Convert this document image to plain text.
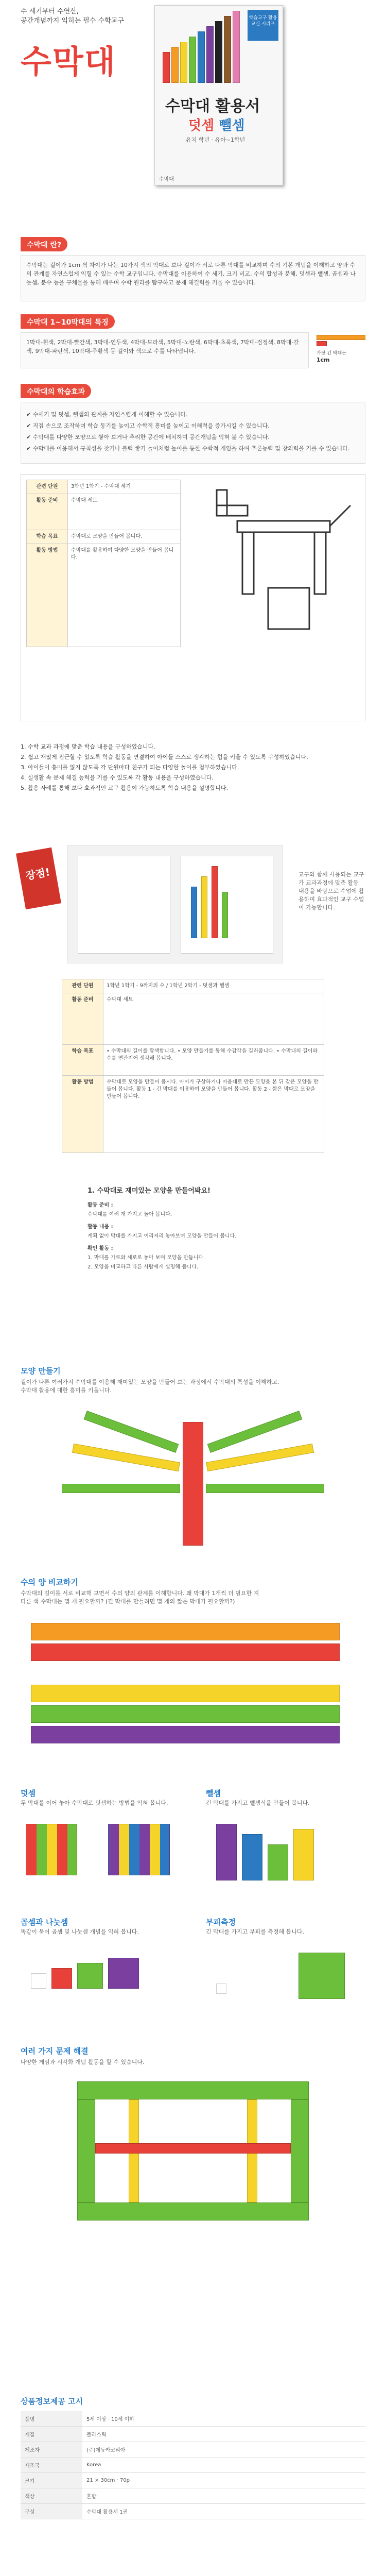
수 세기부터 수연산,
공간개념까지 익히는 필수 수학교구
수막대
학습교구 활용교실 시리즈
수막대 활용서
덧셈 뺄셈
유치 학년 · 유아~1학년
수막대
수막대 란?

수막대는 길이가 1cm 씩 차이가 나는 10가지 색의 막대로 보다 길이가 서로 다른 막대를 비교하며 수의 기본 개념을 이해하고 양과 수의 관계를 자연스럽게 익힐 수 있는 수학 교구입니다. 수막대를 이용하여 수 세기, 크기 비교, 수의 합성과 분해, 덧셈과 뺄셈, 곱셈과 나눗셈, 분수 등을 구체물을 통해 배우며 수학 원리를 탐구하고 문제 해결력을 키울 수 있습니다.

수막대 1~10막대의 특징

1막대-흰색, 2막대-빨간색, 3막대-연두색, 4막대-보라색, 5막대-노란색, 6막대-초록색, 7막대-검정색, 8막대-갈색, 9막대-파란색, 10막대-주황색 등 길이와 색으로 수를 나타냅니다.	가장 긴 막대는
1cm
수막대의 학습효과

✔ 수세기 및 덧셈, 뺄셈의 관계를 자연스럽게 이해할 수 있습니다.

✔ 직접 손으로 조작하며 학습 동기를 높이고 수학적 흥미를 높이고 이해력을 증가시킬 수 있습니다.

✔ 수막대를 다양한 모양으로 쌓아 보거나 추리한 공간에 배치하며 공간개념을 익혀 볼 수 있습니다.

✔ 수막대를 이용해서 규칙성을 찾거나 블럭 쌓기 놀이처럼 높이를 통한 수학적 게임을 하며 추론능력 및 창의력을 기를 수 있습니다.

관련 단원	3학년 1학기 - 수막대 세기
활동 준비	수막대 세트
학습 목표	수막대로 모양을 만들어 봅니다.
활동 방법	수막대를 활용하여 다양한 모양을 만들어 봅니다.

1. 수학 교과 과정에 맞춘 학습 내용을 구성하였습니다.

2. 쉽고 재밌게 접근할 수 있도록 학습 활동을 연결하여 아이들 스스로 생각하는 힘을 키울 수 있도록 구성하였습니다.

3. 아이들이 흥미를 잃지 않도록 각 단원마다 친구가 되는 다양한 놀이를 첨부하였습니다.

4. 실생활 속 문제 해결 능력을 기를 수 있도록 각 활동 내용을 구성하였습니다.

5. 활용 사례를 통해 보다 효과적인 교구 활용이 가능하도록 학습 내용을 설명합니다.

장점!	교구와 함께 사용되는 교구가 교과과정에 맞춘 활동 내용을 바탕으로 수업에 활용하며 효과적인 교구 수업이 가능합니다.
관련 단원	1학년 1학기 - 9까지의 수 / 1학년 2학기 - 덧셈과 뺄셈
활동 준비	수막대 세트
학습 목표	• 수막대의 길이를 탐색합니다. • 모양 만들기를 통해 수감각을 길러줍니다. • 수막대의 길이와 수를 연관지어 생각해 봅니다.
활동 방법	수막대로 모양을 만들어 봅시다. 아이가 구상하거나 마음대로 만든 모양을 본 뒤 같은 모양을 만들어 봅니다. 활동 1 - 긴 막대를 이용하여 모양을 만들어 봅니다. 활동 2 - 짧은 막대로 모양을 만들어 봅니다.
1. 수막대로 재미있는 모양을 만들어봐요!

활동 준비 :

수막대를 여러 개 가지고 놀아 봅니다.

활동 내용 :

계획 없이 막대를 가지고 이리저리 놓아보며 모양을 만들어 봅니다.

확인 활동 :

1. 막대를 가로와 세로로 놓아 보며 모양을 만듭니다.

2. 모양을 비교하고 다른 사람에게 설명해 봅니다.

모양 만들기
길이가 다른 여러가지 수막대를 이용해 재미있는 모양을 만들어 보는 과정에서 수막대의 특성을 이해하고,
수막대 활용에 대한 흥미를 키웁니다.
수의 양 비교하기
수막대의 길이를 서로 비교해 보면서 수의 양의 관계를 이해합니다. 왜 막대가 1개씩 더 필요한 지
다른 색 수막대는 몇 개 필요할까? (긴 막대를 만들려면 몇 개의 짧은 막대가 필요할까?)
덧셈
두 막대를 이어 놓아 수막대로 덧셈하는 방법을 익혀 봅니다.
뺄셈
긴 막대를 가지고 뺄셈식을 만들어 봅니다.
곱셈과 나눗셈
똑같이 묶어 곱셈 및 나눗셈 개념을 익혀 봅니다.
부피측정
긴 막대를 가지고 부피를 측정해 봅니다.
여러 가지 문제 해결
다양한 게임과 시각화 개념 활동을 할 수 있습니다.
상품정보제공 고시
품명	5세 이상 · 10세 이하
재질	플라스틱
제조자	(주)에듀카코리아
제조국	Korea
크기	21 × 30cm · 70p
색상	혼합
구성	수막대 활용서 1권
